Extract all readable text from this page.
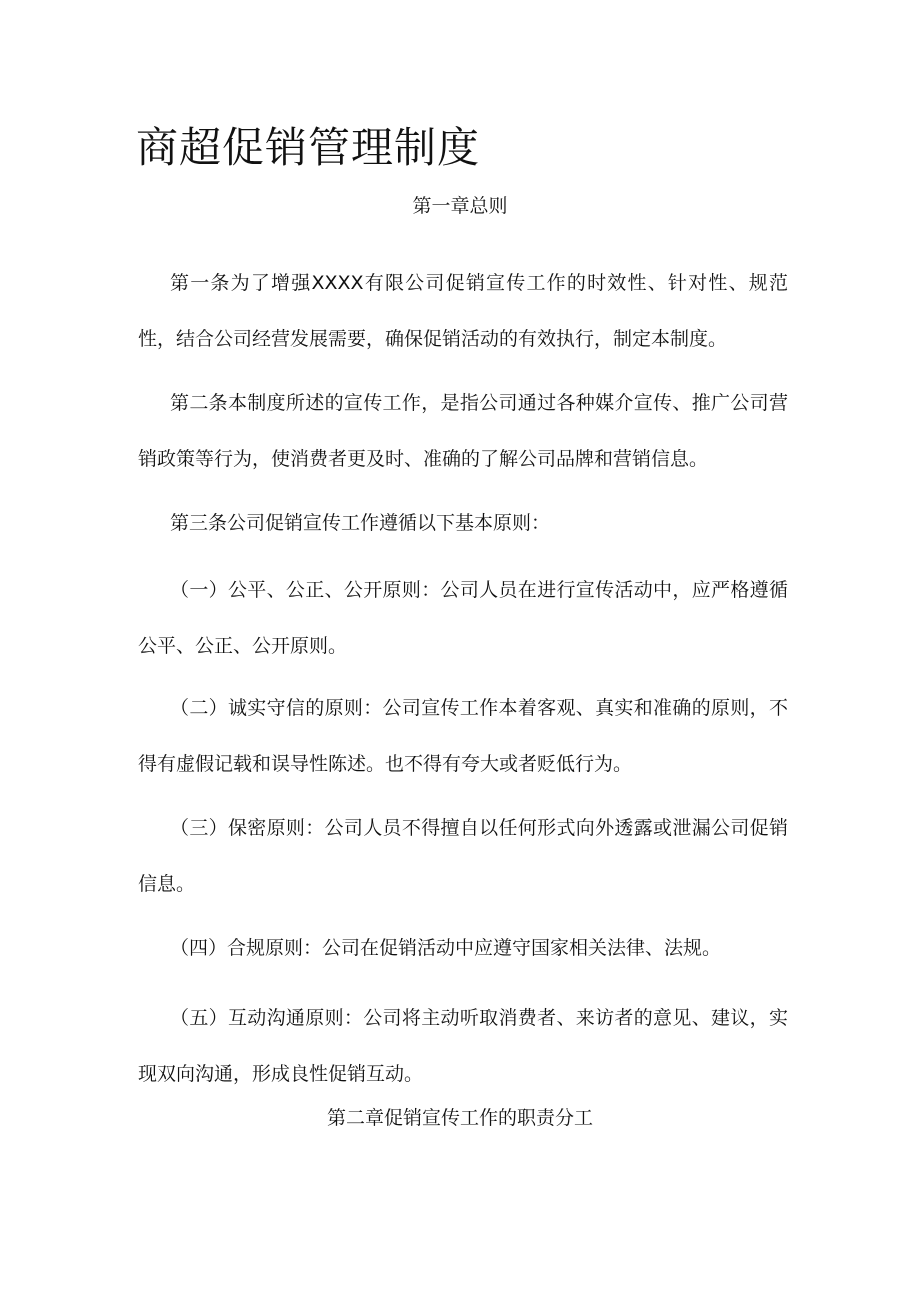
商超促销管理制度

第一章总则

第一条为了增强XXXX有限公司促销宣传工作的时效性、针对性、规范性，结合公司经营发展需要，确保促销活动的有效执行，制定本制度。

第二条本制度所述的宣传工作，是指公司通过各种媒介宣传、推广公司营销政策等行为，使消费者更及时、准确的了解公司品牌和营销信息。

第三条公司促销宣传工作遵循以下基本原则：

（一）公平、公正、公开原则：公司人员在进行宣传活动中，应严格遵循公平、公正、公开原则。

（二）诚实守信的原则：公司宣传工作本着客观、真实和准确的原则，不得有虚假记载和误导性陈述。也不得有夸大或者贬低行为。

（三）保密原则：公司人员不得擅自以任何形式向外透露或泄漏公司促销信息。

（四）合规原则：公司在促销活动中应遵守国家相关法律、法规。

（五）互动沟通原则：公司将主动听取消费者、来访者的意见、建议，实现双向沟通，形成良性促销互动。

第二章促销宣传工作的职责分工
